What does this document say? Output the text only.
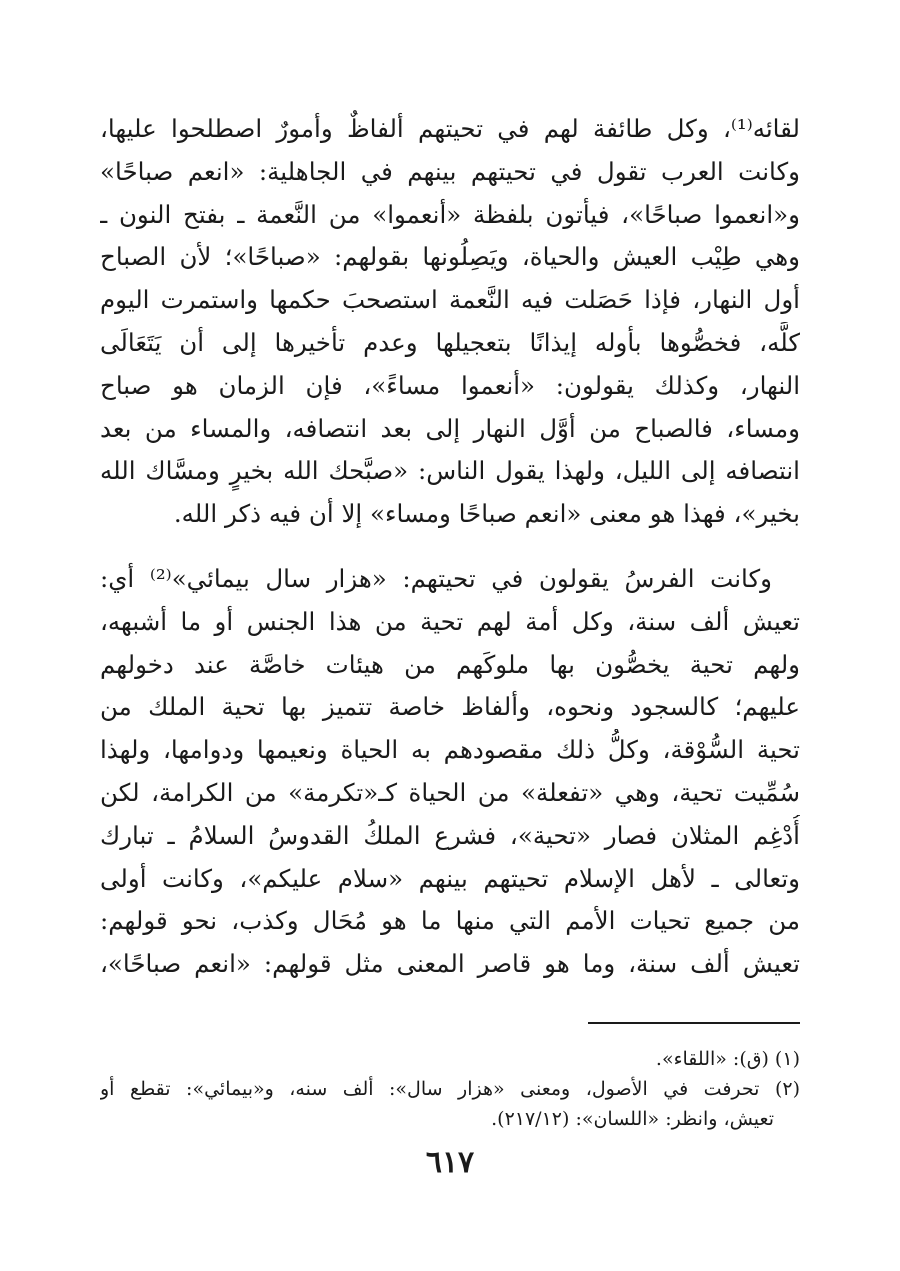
لقائه⁽¹⁾، وكل طائفة لهم في تحيتهم ألفاظٌ وأمورٌ اصطلحوا عليها،
وكانت العرب تقول في تحيتهم بينهم في الجاهلية: «انعم صباحًا»
و«انعموا صباحًا»، فيأتون بلفظة «أنعموا» من النَّعمة ـ بفتح النون ـ
وهي طِيْب العيش والحياة، ويَصِلُونها بقولهم: «صباحًا»؛ لأن الصباح
أول النهار، فإذا حَصَلت فيه النَّعمة استصحبَ حكمها واستمرت اليوم
كلَّه، فخصُّوها بأوله إيذانًا بتعجيلها وعدم تأخيرها إلى أن يَتَعَالَى
النهار، وكذلك يقولون: «أنعموا مساءً»، فإن الزمان هو صباح
ومساء، فالصباح من أوَّل النهار إلى بعد انتصافه، والمساء من بعد
انتصافه إلى الليل، ولهذا يقول الناس: «صبَّحك الله بخيرٍ ومسَّاك الله
بخير»، فهذا هو معنى «انعم صباحًا ومساء» إلا أن فيه ذكر الله.
وكانت الفرسُ يقولون في تحيتهم: «هزار سال بيمائي»⁽²⁾ أي:
تعيش ألف سنة، وكل أمة لهم تحية من هذا الجنس أو ما أشبهه،
ولهم تحية يخصُّون بها ملوكَهم من هيئات خاصَّة عند دخولهم
عليهم؛ كالسجود ونحوه، وألفاظ خاصة تتميز بها تحية الملك من
تحية السُّوْقة، وكلُّ ذلك مقصودهم به الحياة ونعيمها ودوامها، ولهذا
سُمِّيت تحية، وهي «تفعلة» من الحياة كـ«تكرمة» من الكرامة، لكن
أُدْغِم المثلان فصار «تحية»، فشرع الملكُ القدوسُ السلامُ ـ تبارك
وتعالى ـ لأهل الإسلام تحيتهم بينهم «سلام عليكم»، وكانت أولى
من جميع تحيات الأمم التي منها ما هو مُحَال وكذب، نحو قولهم:
تعيش ألف سنة، وما هو قاصر المعنى مثل قولهم: «انعم صباحًا»،
(١) (ق): «اللقاء».
(٢) تحرفت في الأصول، ومعنى «هزار سال»: ألف سنه، و«بيمائي»: تقطع أو
تعيش، وانظر: «اللسان»: (٢١٧/١٢).
٦١٧
